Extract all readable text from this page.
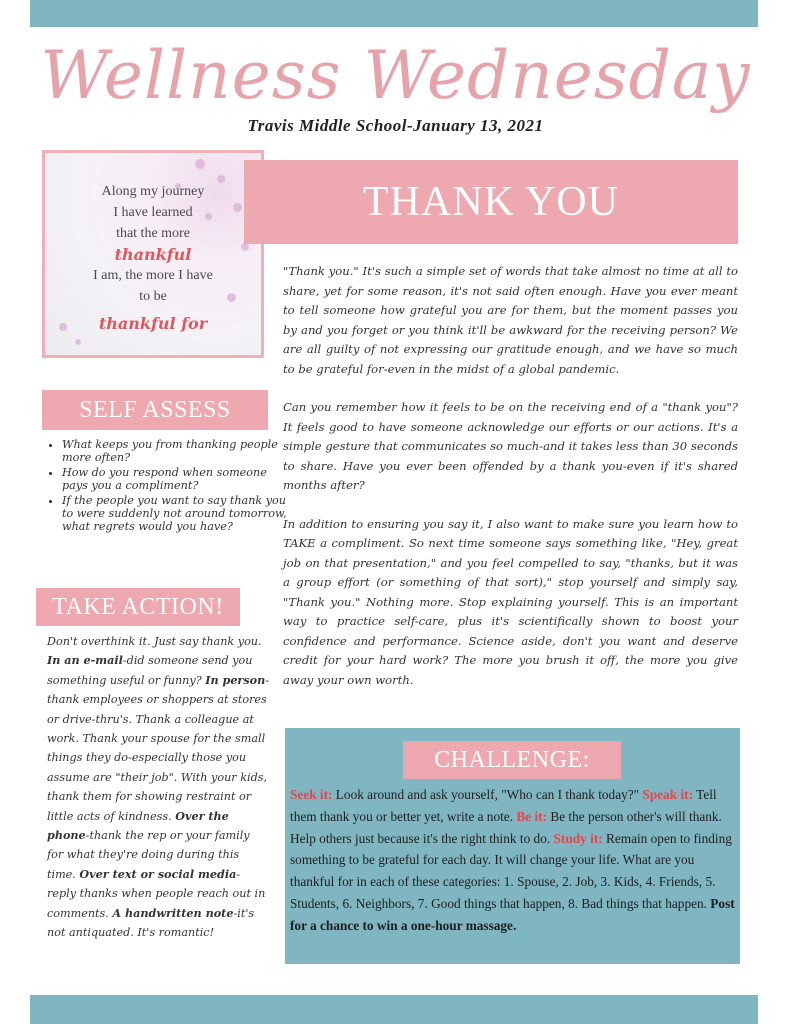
Wellness Wednesday
Travis Middle School-January 13, 2021
Along my journey
I have learned
that the more
thankful
I am, the more I have
to be
thankful for
THANK YOU

"Thank you." It's such a simple set of words that take almost no time at all to share, yet for some reason, it's not said often enough. Have you ever meant to tell someone how grateful you are for them, but the moment passes you by and you forget or you think it'll be awkward for the receiving person? We are all guilty of not expressing our gratitude enough, and we have so much to be grateful for-even in the midst of a global pandemic.

Can you remember how it feels to be on the receiving end of a "thank you"? It feels good to have someone acknowledge our efforts or our actions. It's a simple gesture that communicates so much-and it takes less than 30 seconds to share. Have you ever been offended by a thank you-even if it's shared months after?

In addition to ensuring you say it, I also want to make sure you learn how to TAKE a compliment. So next time someone says something like, "Hey, great job on that presentation," and you feel compelled to say, "thanks, but it was a group effort (or something of that sort)," stop yourself and simply say, "Thank you." Nothing more. Stop explaining yourself. This is an important way to practice self-care, plus it's scientifically shown to boost your confidence and performance. Science aside, don't you want and deserve credit for your hard work? The more you brush it off, the more you give away your own worth.

SELF ASSESS
• What keeps you from thanking people more often?
• How do you respond when someone pays you a compliment?
• If the people you want to say thank you to were suddenly not around tomorrow, what regrets would you have?
TAKE ACTION!

Don't overthink it. Just say thank you. In an e-mail-did someone send you something useful or funny? In person-thank employees or shoppers at stores or drive-thru's. Thank a colleague at work. Thank your spouse for the small things they do-especially those you assume are "their job". With your kids, thank them for showing restraint or little acts of kindness. Over the phone-thank the rep or your family for what they're doing during this time. Over text or social media-reply thanks when people reach out in comments. A handwritten note-it's not antiquated. It's romantic!

CHALLENGE:

Seek it: Look around and ask yourself, "Who can I thank today?" Speak it: Tell them thank you or better yet, write a note. Be it: Be the person other's will thank. Help others just because it's the right think to do. Study it: Remain open to finding something to be grateful for each day. It will change your life. What are you thankful for in each of these categories: 1. Spouse, 2. Job, 3. Kids, 4. Friends, 5. Students, 6. Neighbors, 7. Good things that happen, 8. Bad things that happen. Post for a chance to win a one-hour massage.
